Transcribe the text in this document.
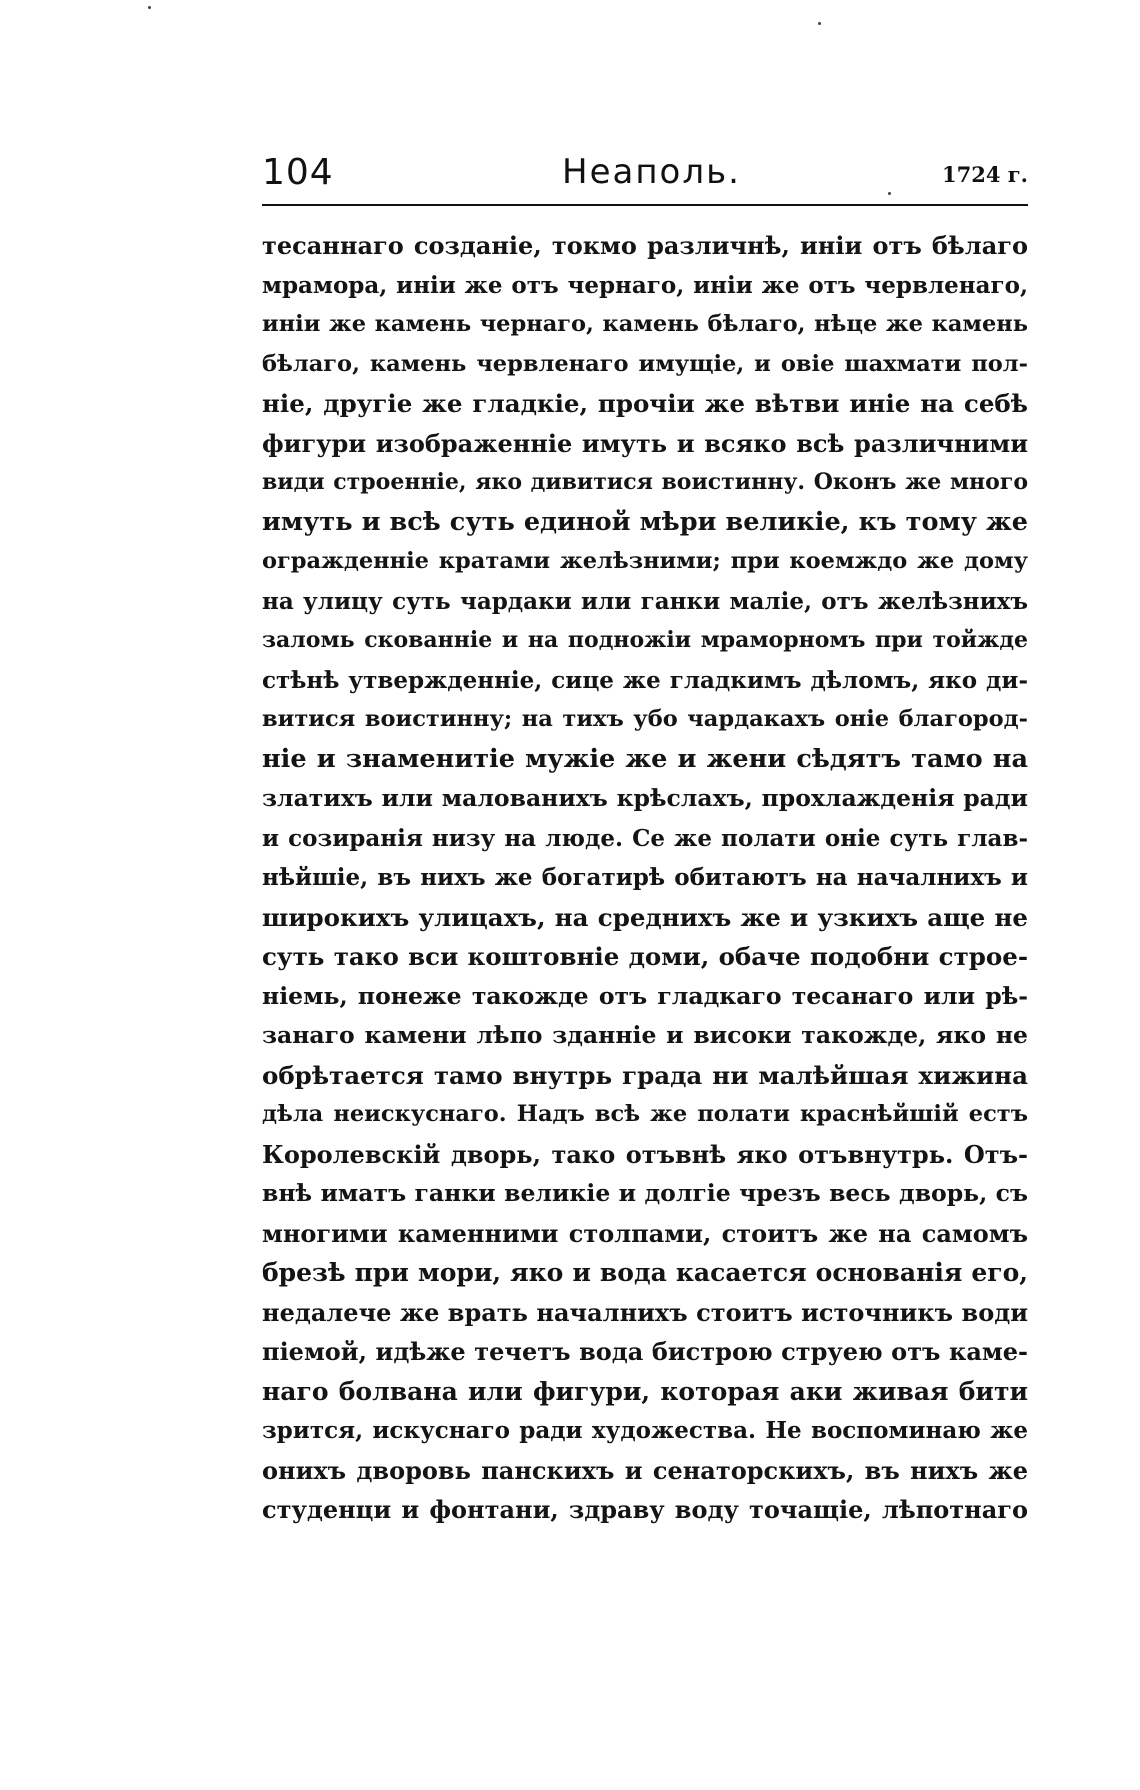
104	Неаполь.	1724 г.
тесаннаго созданіе, токмо различнѣ, иніи отъ бѣлаго
мрамора, иніи же отъ чернаго, иніи же отъ червленаго,
иніи же камень чернаго, камень бѣлаго, нѣце же камень
бѣлаго, камень червленаго имущіе, и овіе шахмати пол-
ніе, другіе же гладкіе, прочіи же вѣтви иніе на себѣ
фигури изображенніе имуть и всяко всѣ различними
види строенніе, яко дивитися воистинну. Оконъ же много
имуть и всѣ суть единой мѣри великіе, къ тому же
огражденніе кратами желѣзними; при коемждо же дому
на улицу суть чардаки или ганки маліе, отъ желѣзнихъ
заломь скованніе и на подножіи мраморномъ при тойжде
стѣнѣ утвержденніе, сице же гладкимъ дѣломъ, яко ди-
витися воистинну; на тихъ убо чардакахъ оніе благород-
ніе и знаменитіе мужіе же и жени сѣдятъ тамо на
златихъ или малованихъ крѣслахъ, прохлажденія ради
и созиранія низу на люде. Се же полати оніе суть глав-
нѣйшіе, въ нихъ же богатирѣ обитаютъ на началнихъ и
широкихъ улицахъ, на среднихъ же и узкихъ аще не
суть тако вси коштовніе доми, обаче подобни строе-
ніемь, понеже такожде отъ гладкаго тесанаго или рѣ-
занаго камени лѣпо зданніе и високи такожде, яко не
обрѣтается тамо внутрь града ни малѣйшая хижина
дѣла неискуснаго. Надъ всѣ же полати краснѣйшій естъ
Королевскій дворь, тако отъвнѣ яко отъвнутрь. Отъ-
внѣ иматъ ганки великіе и долгіе чрезъ весь дворь, съ
многими каменними столпами, стоитъ же на самомъ
брезѣ при мори, яко и вода касается основанія его,
недалече же врать началнихъ стоитъ источникъ води
піемой, идѣже течетъ вода бистрою струею отъ каме-
наго болвана или фигури, которая аки живая бити
зрится, искуснаго ради художества. Не воспоминаю же
онихъ двоpовь панскихъ и сенаторскихъ, въ нихъ же
студенци и фонтани, здраву воду точащіе, лѣпотнаго
